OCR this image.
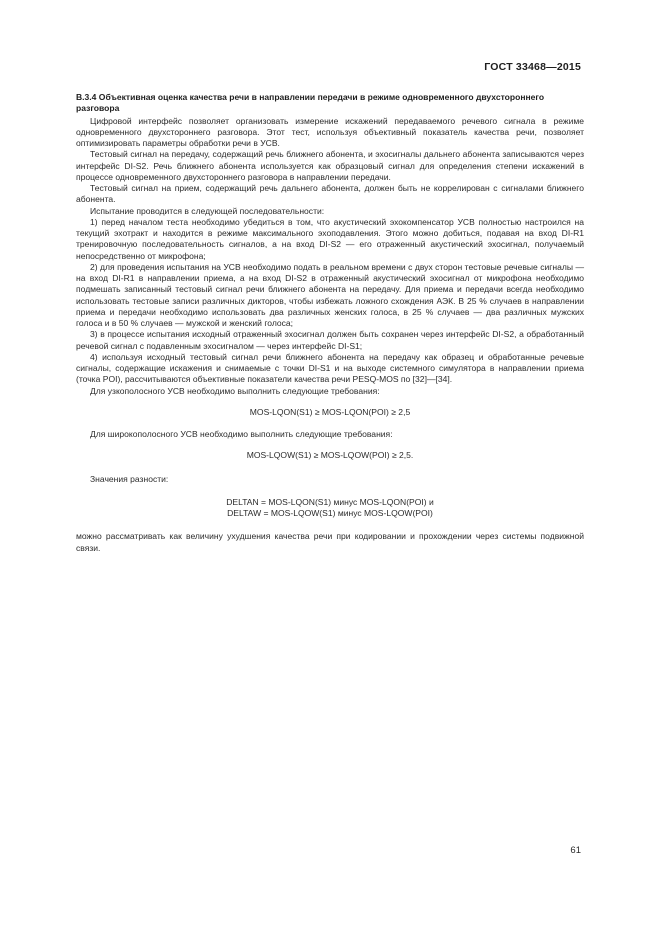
ГОСТ 33468—2015

B.3.4 Объективная оценка качества речи в направлении передачи в режиме одновременного двухстороннего разговора

Цифровой интерфейс позволяет организовать измерение искажений передаваемого речевого сигнала в режиме одновременного двухстороннего разговора. Этот тест, используя объективный показатель качества речи, позволяет оптимизировать параметры обработки речи в УСВ.

Тестовый сигнал на передачу, содержащий речь ближнего абонента, и эхосигналы дальнего абонента записываются через интерфейс DI-S2. Речь ближнего абонента используется как образцовый сигнал для определения степени искажений в процессе одновременного двухстороннего разговора в направлении передачи.

Тестовый сигнал на прием, содержащий речь дальнего абонента, должен быть не коррелирован с сигналами ближнего абонента.

Испытание проводится в следующей последовательности:

1) перед началом теста необходимо убедиться в том, что акустический эхокомпенсатор УСВ полностью настроился на текущий эхотракт и находится в режиме максимального эхоподавления. Этого можно добиться, подавая на вход DI-R1 тренировочную последовательность сигналов, а на вход DI-S2 — его отраженный акустический эхосигнал, получаемый непосредственно от микрофона;

2) для проведения испытания на УСВ необходимо подать в реальном времени с двух сторон тестовые речевые сигналы — на вход DI-R1 в направлении приема, а на вход DI-S2 в отраженный акустический эхосигнал от микрофона необходимо подмешать записанный тестовый сигнал речи ближнего абонента на передачу. Для приема и передачи всегда необходимо использовать тестовые записи различных дикторов, чтобы избежать ложного схождения АЭК. В 25 % случаев в направлении приема и передачи необходимо использовать два различных женских голоса, в 25 % случаев — два различных мужских голоса и в 50 % случаев — мужской и женский голоса;

3) в процессе испытания исходный отраженный эхосигнал должен быть сохранен через интерфейс DI-S2, а обработанный речевой сигнал с подавленным эхосигналом — через интерфейс DI-S1;

4) используя исходный тестовый сигнал речи ближнего абонента на передачу как образец и обработанные речевые сигналы, содержащие искажения и снимаемые с точки DI-S1 и на выходе системного симулятора в направлении приема (точка POI), рассчитываются объективные показатели качества речи PESQ-MOS по [32]—[34].

Для узкополосного УСВ необходимо выполнить следующие требования:

MOS-LQON(S1) ≥ MOS-LQON(POI) ≥ 2,5

Для широкополосного УСВ необходимо выполнить следующие требования:

MOS-LQOW(S1) ≥ MOS-LQOW(POI) ≥ 2,5.

Значения разности:

DELTAN = MOS-LQON(S1) минус MOS-LQON(POI) и

DELTAW = MOS-LQOW(S1) минус MOS-LQOW(POI)

можно рассматривать как величину ухудшения качества речи при кодировании и прохождении через системы подвижной связи.

61
